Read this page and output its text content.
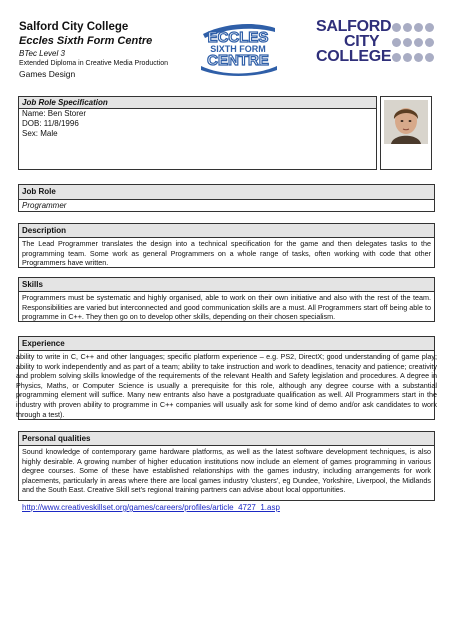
Salford City College
Eccles Sixth Form Centre
BTec Level 3
Extended Diploma in Creative Media Production
Games Design
ECCLES
SIXTH FORM
CENTRE
SALFORD
CITY
COLLEGE
Job Role Specification
Name: Ben Storer
DOB: 11/8/1996
Sex: Male
Job Role
Programmer
Description
The Lead Programmer translates the design into a technical specification for the game and then delegates tasks to the programming team. Some work as general Programmers on a whole range of tasks, often working with code that other Programmers have written.
Skills
Programmers must be systematic and highly organised, able to work on their own initiative and also with the rest of the team. Responsibilities are varied but interconnected and good communication skills are a must. All Programmers start off being able to programme in C++. They then go on to develop other skills, depending on their chosen specialism.
Experience
ability to write in C, C++ and other languages; specific platform experience – e.g. PS2, DirectX; good understanding of game play; ability to work independently and as part of a team; ability to take instruction and work to deadlines, tenacity and patience; creativity and problem solving skills knowledge of the requirements of the relevant Health and Safety legislation and procedures. A degree in Physics, Maths, or Computer Science is usually a prerequisite for this role, although any degree course with a substantial programming element will suffice. Many new entrants also have a postgraduate qualification as well. All Programmers start in the industry with proven ability to programme in C++ companies will usually ask for some kind of demo and/or ask candidates to work through a test).
Personal qualities
Sound knowledge of contemporary game hardware platforms, as well as the latest software development techniques, is also highly desirable. A growing number of higher education institutions now include an element of games programming in various degree courses. Some of these have established relationships with the games industry, including arrangements for work placements, particularly in areas where there are local games industry 'clusters', eg Dundee, Yorkshire, Liverpool, the Midlands and the South East. Creative Skill set's regional training partners can advise about local opportunities.
http://www.creativeskillset.org/games/careers/profiles/article_4727_1.asp
